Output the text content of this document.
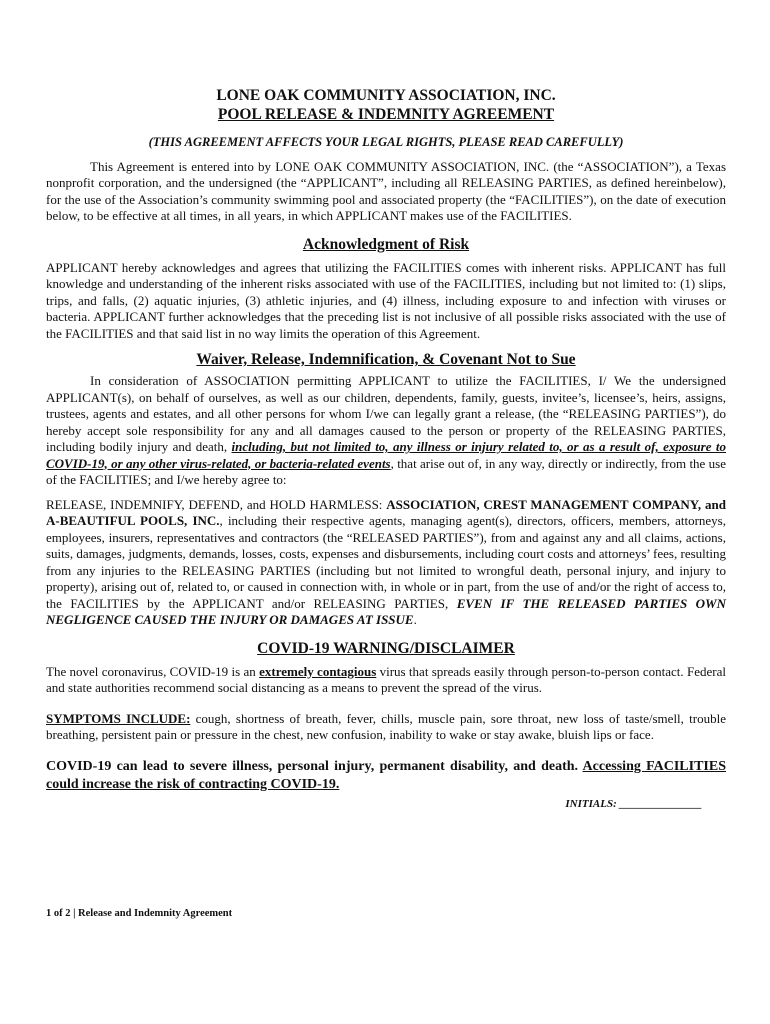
LONE OAK COMMUNITY ASSOCIATION, INC.
POOL RELEASE & INDEMNITY AGREEMENT
(THIS AGREEMENT AFFECTS YOUR LEGAL RIGHTS, PLEASE READ CAREFULLY)

This Agreement is entered into by LONE OAK COMMUNITY ASSOCIATION, INC. (the “ASSOCIATION”), a Texas nonprofit corporation, and the undersigned (the “APPLICANT”, including all RELEASING PARTIES, as defined hereinbelow), for the use of the Association’s community swimming pool and associated property (the “FACILITIES”), on the date of execution below, to be effective at all times, in all years, in which APPLICANT makes use of the FACILITIES.

Acknowledgment of Risk

APPLICANT hereby acknowledges and agrees that utilizing the FACILITIES comes with inherent risks. APPLICANT has full knowledge and understanding of the inherent risks associated with use of the FACILITIES, including but not limited to: (1) slips, trips, and falls, (2) aquatic injuries, (3) athletic injuries, and (4) illness, including exposure to and infection with viruses or bacteria. APPLICANT further acknowledges that the preceding list is not inclusive of all possible risks associated with the use of the FACILITIES and that said list in no way limits the operation of this Agreement.

Waiver, Release, Indemnification, & Covenant Not to Sue

In consideration of ASSOCIATION permitting APPLICANT to utilize the FACILITIES, I/ We the undersigned APPLICANT(s), on behalf of ourselves, as well as our children, dependents, family, guests, invitee’s, licensee’s, heirs, assigns, trustees, agents and estates, and all other persons for whom I/we can legally grant a release, (the “RELEASING PARTIES”), do hereby accept sole responsibility for any and all damages caused to the person or property of the RELEASING PARTIES, including bodily injury and death, including, but not limited to, any illness or injury related to, or as a result of, exposure to COVID-19, or any other virus-related, or bacteria-related events, that arise out of, in any way, directly or indirectly, from the use of the FACILITIES; and I/we hereby agree to:

RELEASE, INDEMNIFY, DEFEND, and HOLD HARMLESS: ASSOCIATION, CREST MANAGEMENT COMPANY, and A-BEAUTIFUL POOLS, INC., including their respective agents, managing agent(s), directors, officers, members, attorneys, employees, insurers, representatives and contractors (the “RELEASED PARTIES”), from and against any and all claims, actions, suits, damages, judgments, demands, losses, costs, expenses and disbursements, including court costs and attorneys’ fees, resulting from any injuries to the RELEASING PARTIES (including but not limited to wrongful death, personal injury, and injury to property), arising out of, related to, or caused in connection with, in whole or in part, from the use of and/or the right of access to, the FACILITIES by the APPLICANT and/or RELEASING PARTIES, EVEN IF THE RELEASED PARTIES OWN NEGLIGENCE CAUSED THE INJURY OR DAMAGES AT ISSUE.

COVID-19 WARNING/DISCLAIMER

The novel coronavirus, COVID-19 is an extremely contagious virus that spreads easily through person-to-person contact. Federal and state authorities recommend social distancing as a means to prevent the spread of the virus.

SYMPTOMS INCLUDE: cough, shortness of breath, fever, chills, muscle pain, sore throat, new loss of taste/smell, trouble breathing, persistent pain or pressure in the chest, new confusion, inability to wake or stay awake, bluish lips or face.

COVID-19 can lead to severe illness, personal injury, permanent disability, and death. Accessing FACILITIES could increase the risk of contracting COVID-19.

INITIALS: _______________
1 of 2 | Release and Indemnity Agreement
